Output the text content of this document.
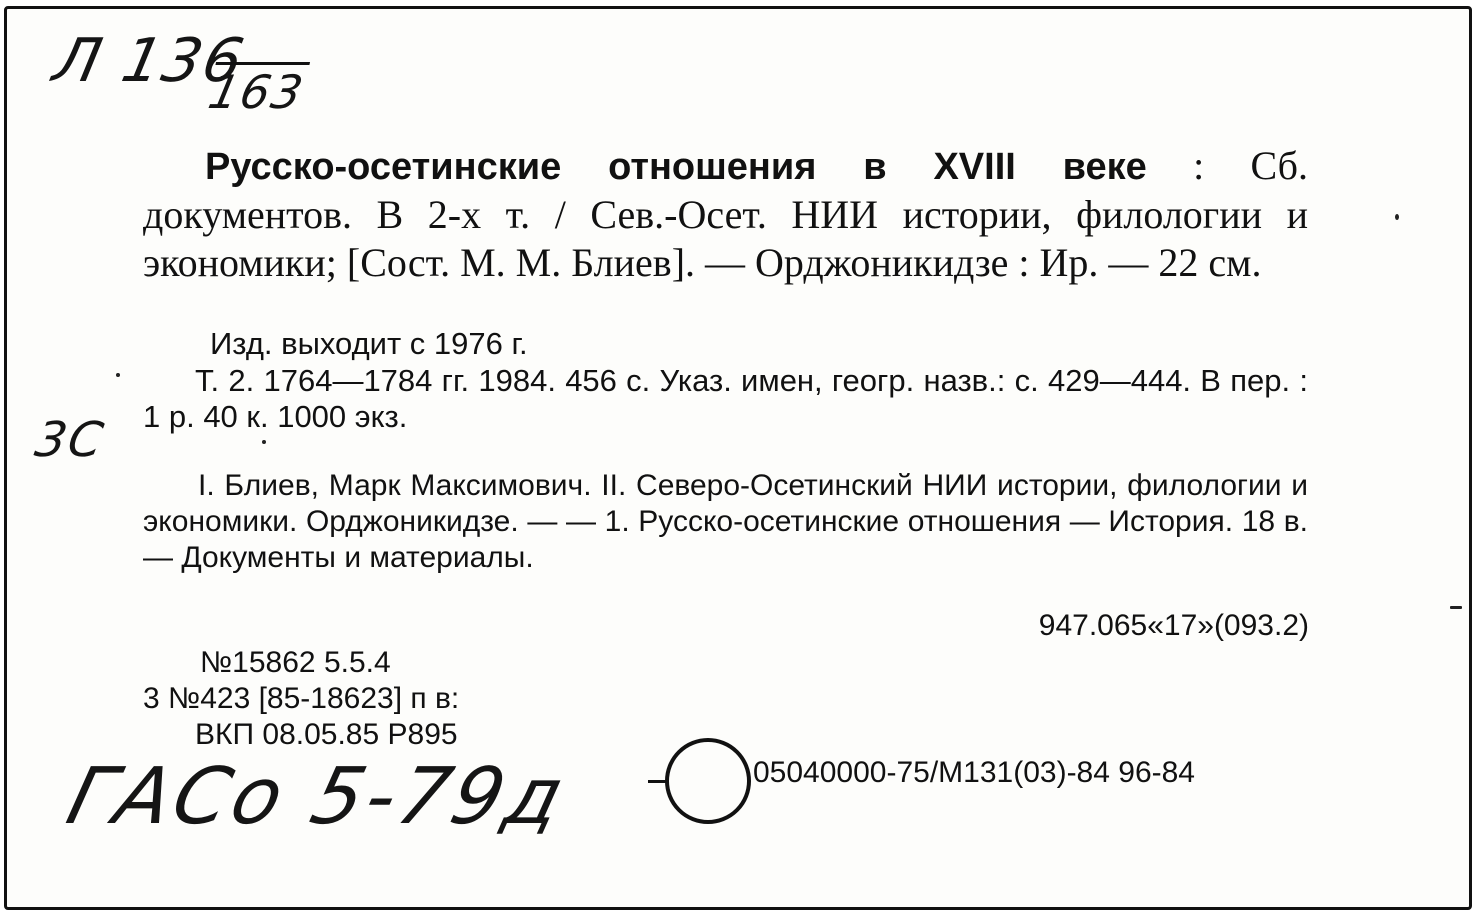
Л 136
163
3С
Русско-осетинские отношения в XVIII веке : Сб. документов. В 2-х т. / Сев.-Осет. НИИ истории, филологии и экономики; [Сост. М. М. Блиев]. — Орджоникидзе : Ир. — 22 см.
Изд. выходит с 1976 г.
Т. 2. 1764—1784 гг. 1984. 456 с. Указ. имен, геогр. назв.: с. 429—444. В пер. : 1 р. 40 к. 1000 экз.
I. Блиев, Марк Максимович. II. Северо-Осетинский НИИ истории, филологии и экономики. Орджоникидзе. — — 1. Русско-осетинские отношения — История. 18 в. — Документы и материалы.
947.065«17»(093.2)
№15862 5.5.4
3 №423 [85-18623] п в:
ВКП 08.05.85 Р895
05040000-75/М131(03)-84 96-84
ГАСо 5-79д
